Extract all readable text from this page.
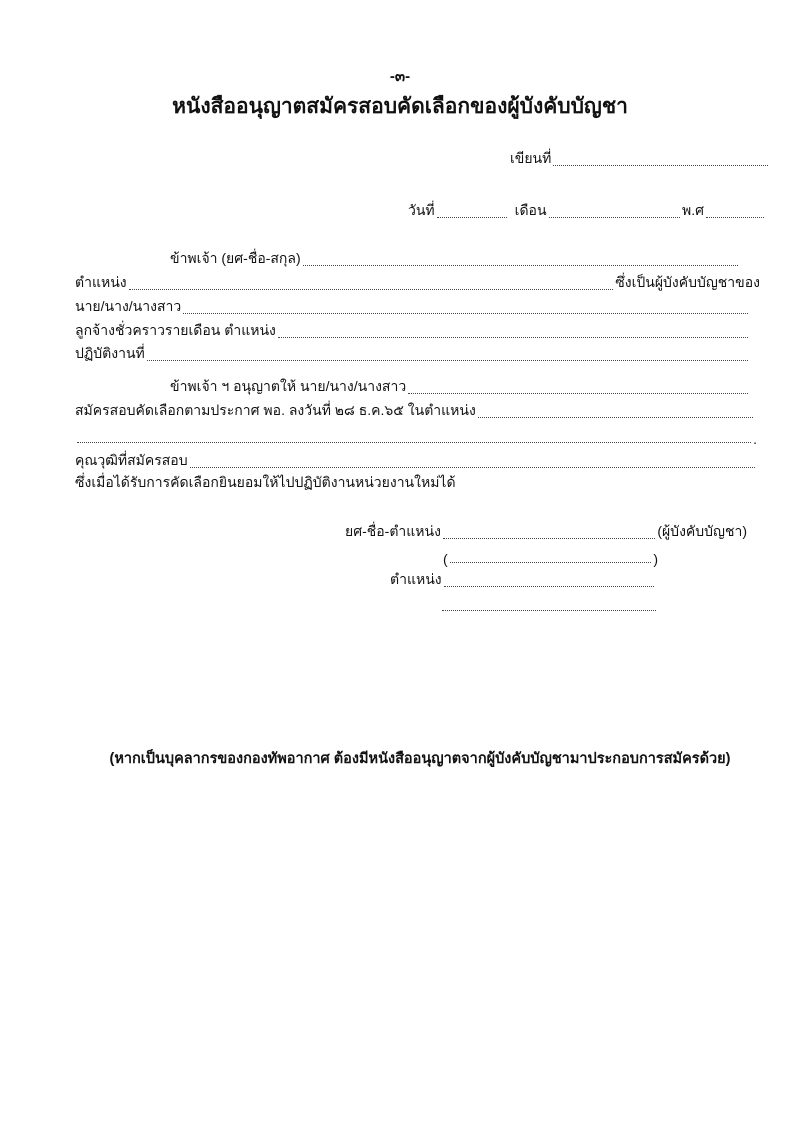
-๓-
หนังสืออนุญาตสมัครสอบคัดเลือกของผู้บังคับบัญชา
เขียนที่
วันที่	เดือน	พ.ศ
ข้าพเจ้า (ยศ-ชื่อ-สกุล)
ตำแหน่ง	ซึ่งเป็นผู้บังคับบัญชาของ
นาย/นาง/นางสาว
ลูกจ้างชั่วคราวรายเดือน ตำแหน่ง
ปฏิบัติงานที่
ข้าพเจ้า ฯ อนุญาตให้ นาย/นาง/นางสาว
สมัครสอบคัดเลือกตามประกาศ พอ. ลงวันที่ ๒๘ ธ.ค.๖๕ ในตำแหน่ง
.
คุณวุฒิที่สมัครสอบ
ซึ่งเมื่อได้รับการคัดเลือกยินยอมให้ไปปฏิบัติงานหน่วยงานใหม่ได้
ยศ-ชื่อ-ตำแหน่ง	(ผู้บังคับบัญชา)
(	)
ตำแหน่ง
(หากเป็นบุคลากรของกองทัพอากาศ ต้องมีหนังสืออนุญาตจากผู้บังคับบัญชามาประกอบการสมัครด้วย)
